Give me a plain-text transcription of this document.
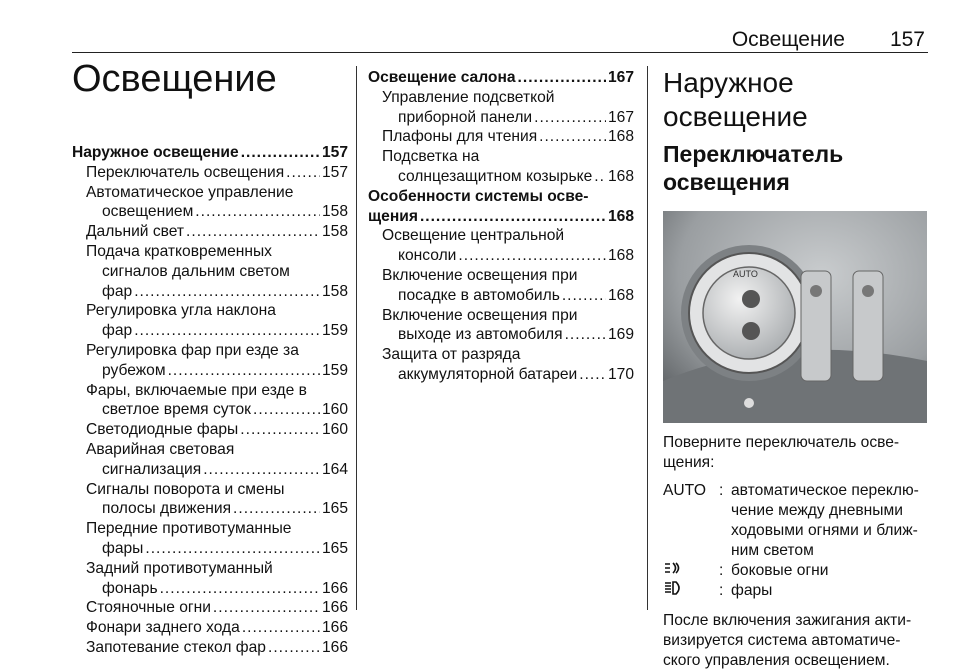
Освещение 157
Освещение
Наружное освещение .....	157
Переключатель освещения ..... 157
Автоматическое управление
освещением .....	158
Дальний свет .....	158
Подача кратковременных
сигналов дальним светом
фар .....	158
Регулировка угла наклона
фар .....	159
Регулировка фар при езде за
рубежом .....	159
Фары, включаемые при езде в
светлое время суток .....	160
Светодиодные фары .....	160
Аварийная световая
сигнализация .....	164
Сигналы поворота и смены
полосы движения .....	165
Передние противотуманные
фары .....	165
Задний противотуманный
фонарь .....	166
Стояночные огни .....	166
Фонари заднего хода .....	166
Запотевание стекол фар .....	166
Освещение салона .....	167
Управление подсветкой
приборной панели .....	167
Плафоны для чтения .....	168
Подсветка на
солнцезащитном козырьке ..... 168
Особенности системы осве-
щения .....	168
Освещение центральной
консоли .....	168
Включение освещения при
посадке в автомобиль .....	168
Включение освещения при
выходе из автомобиля .....	169
Защита от разряда
аккумуляторной батареи ..... 170
Наружное освещение
Переключатель
освещения
AUTO
Поверните переключатель осве-
щения:
AUTO : автоматическое переклю-
чение между дневными
ходовыми огнями и ближ-
ним светом
: боковые огни
: фары
После включения зажигания акти-
визируется система автоматиче-
ского управления освещением.
